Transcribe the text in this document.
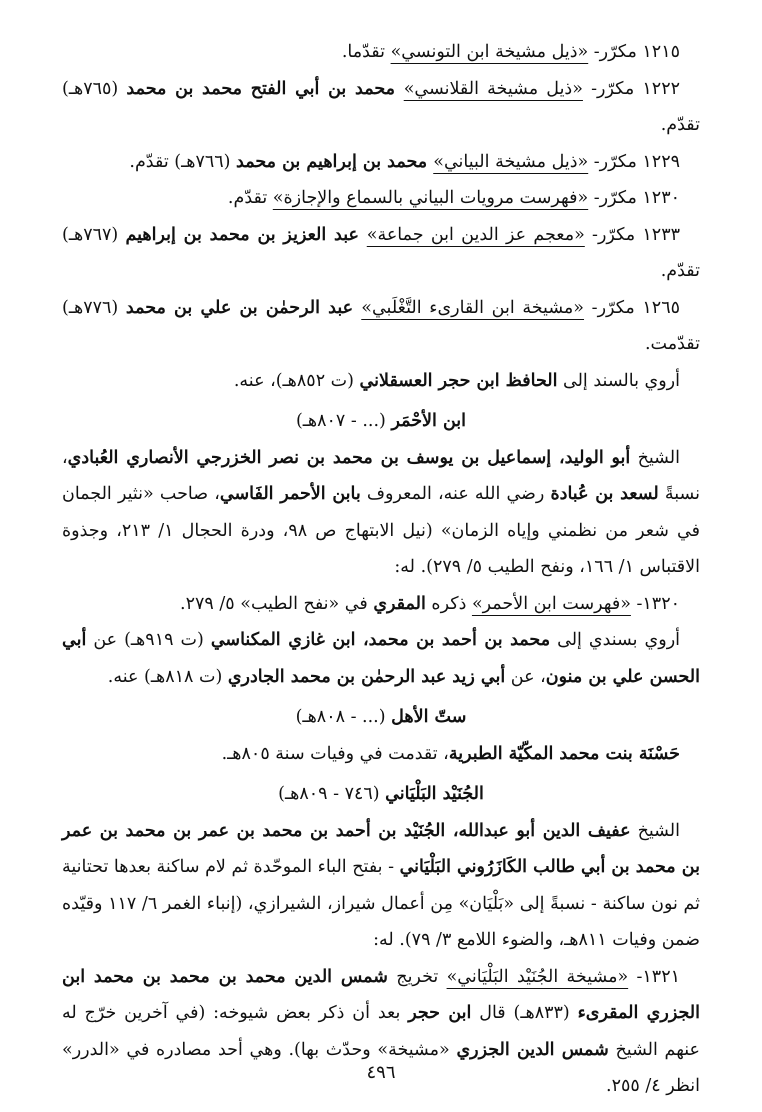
١٢١٥ مكرّر- «ذيل مشيخة ابن التونسي» تقدّما.

١٢٢٢ مكرّر- «ذيل مشيخة القلانسي» محمد بن أبي الفتح محمد بن محمد (٧٦٥هـ) تقدّم.

١٢٢٩ مكرّر- «ذيل مشيخة البياني» محمد بن إبراهيم بن محمد (٧٦٦هـ) تقدّم.

١٢٣٠ مكرّر- «فهرست مرويات البياني بالسماع والإجازة» تقدّم.

١٢٣٣ مكرّر- «معجم عز الدين ابن جماعة» عبد العزيز بن محمد بن إبراهيم (٧٦٧هـ) تقدّم.

١٢٦٥ مكرّر- «مشيخة ابن القارىء التَّغْلَبي» عبد الرحمٰن بن علي بن محمد (٧٧٦هـ) تقدّمت.

أروي بالسند إلى الحافظ ابن حجر العسقلاني (ت ٨٥٢هـ)، عنه.

ابن الأحْمَر (... - ٨٠٧هـ)

الشيخ أبو الوليد، إسماعيل بن يوسف بن محمد بن نصر الخزرجي الأنصاري العُبادي، نسبةً لسعد بن عُبادة رضي الله عنه، المعروف بابن الأحمر الفَاسي، صاحب «نثير الجمان في شعر من نظمني وإياه الزمان» (نيل الابتهاج ص ٩٨، ودرة الحجال ١/ ٢١٣، وجذوة الاقتباس ١/ ١٦٦، ونفح الطيب ٥/ ٢٧٩). له:

١٣٢٠- «فهرست ابن الأحمر» ذكره المقري في «نفح الطيب» ٥/ ٢٧٩.

أروي بسندي إلى محمد بن أحمد بن محمد، ابن غازي المكناسي (ت ٩١٩هـ) عن أبي الحسن علي بن منون، عن أبي زيد عبد الرحمٰن بن محمد الجادري (ت ٨١٨هـ) عنه.

ستّ الأهل (... - ٨٠٨هـ)

حَسْنَة بنت محمد المكّيّة الطبرية، تقدمت في وفيات سنة ٨٠٥هـ.

الجُنَيْد البَلْيَاني (٧٤٦ - ٨٠٩هـ)

الشيخ عفيف الدين أبو عبدالله، الجُنَيْد بن أحمد بن محمد بن عمر بن محمد بن عمر بن محمد بن أبي طالب الكَازَرُوني البَلْيَاني - بفتح الباء الموحّدة ثم لام ساكنة بعدها تحتانية ثم نون ساكنة - نسبةً إلى «بَلْيَان» مِن أعمال شيراز، الشيرازي، (إنباء الغمر ٦/ ١١٧ وقيّده ضمن وفيات ٨١١هـ، والضوء اللامع ٣/ ٧٩). له:

١٣٢١- «مشيخة الجُنَيْد البَلْيَاني» تخريج شمس الدين محمد بن محمد بن محمد ابن الجزري المقرىء (٨٣٣هـ) قال ابن حجر بعد أن ذكر بعض شيوخه: (في آخرين خرّج له عنهم الشيخ شمس الدين الجزري «مشيخة» وحدّث بها). وهي أحد مصادره في «الدرر» انظر ٤/ ٢٥٥.

٤٩٦
